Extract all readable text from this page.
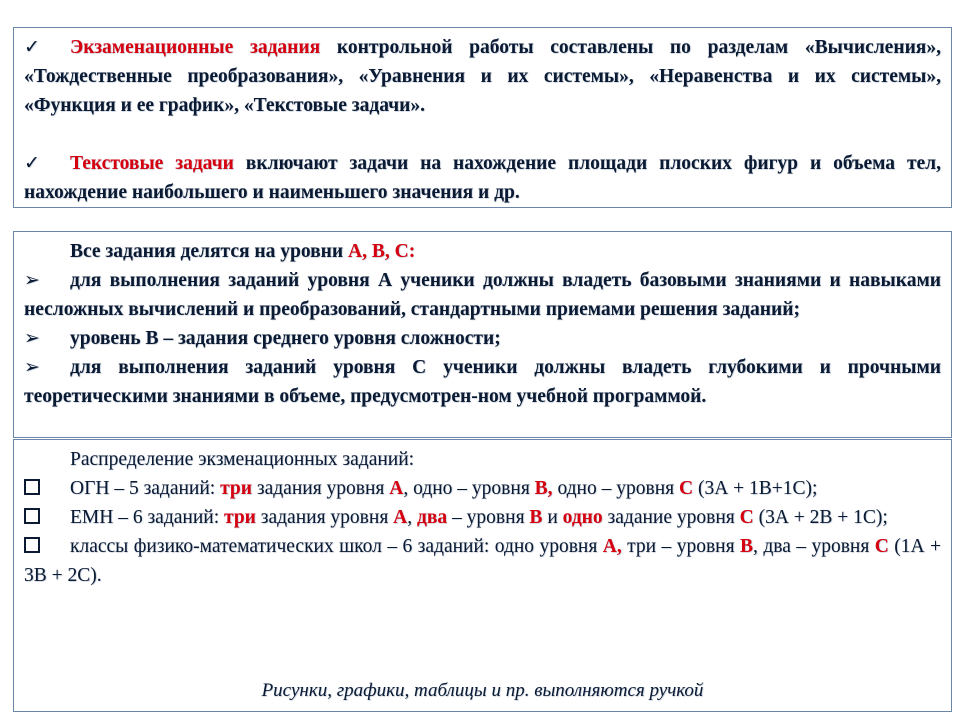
✓ Экзаменационные задания контрольной работы составлены по разделам «Вычисления», «Тождественные преобразования», «Уравнения и их системы», «Неравенства и их системы», «Функция и ее график», «Текстовые задачи».

✓ Текстовые задачи включают задачи на нахождение площади плоских фигур и объема тел, нахождение наибольшего и наименьшего значения и др.

Все задания делятся на уровни А, В, С:

➢ для выполнения заданий уровня А ученики должны владеть базовыми знаниями и навыками несложных вычислений и преобразований, стандартными приемами решения заданий;

➢ уровень В – задания среднего уровня сложности;

➢ для выполнения заданий уровня С ученики должны владеть глубокими и прочными теоретическими знаниями в объеме, предусмотрен-ном учебной программой.

Распределение экзменационных заданий:

ОГН – 5 заданий: три задания уровня А, одно – уровня В, одно – уровня С (3А + 1В+1С);

ЕМН – 6 заданий: три задания уровня А, два – уровня В и одно задание уровня С (3А + 2В + 1С);

классы физико-математических школ – 6 заданий: одно уровня А, три – уровня В, два – уровня С (1А + 3В + 2С).

Рисунки, графики, таблицы и пр. выполняются ручкой
